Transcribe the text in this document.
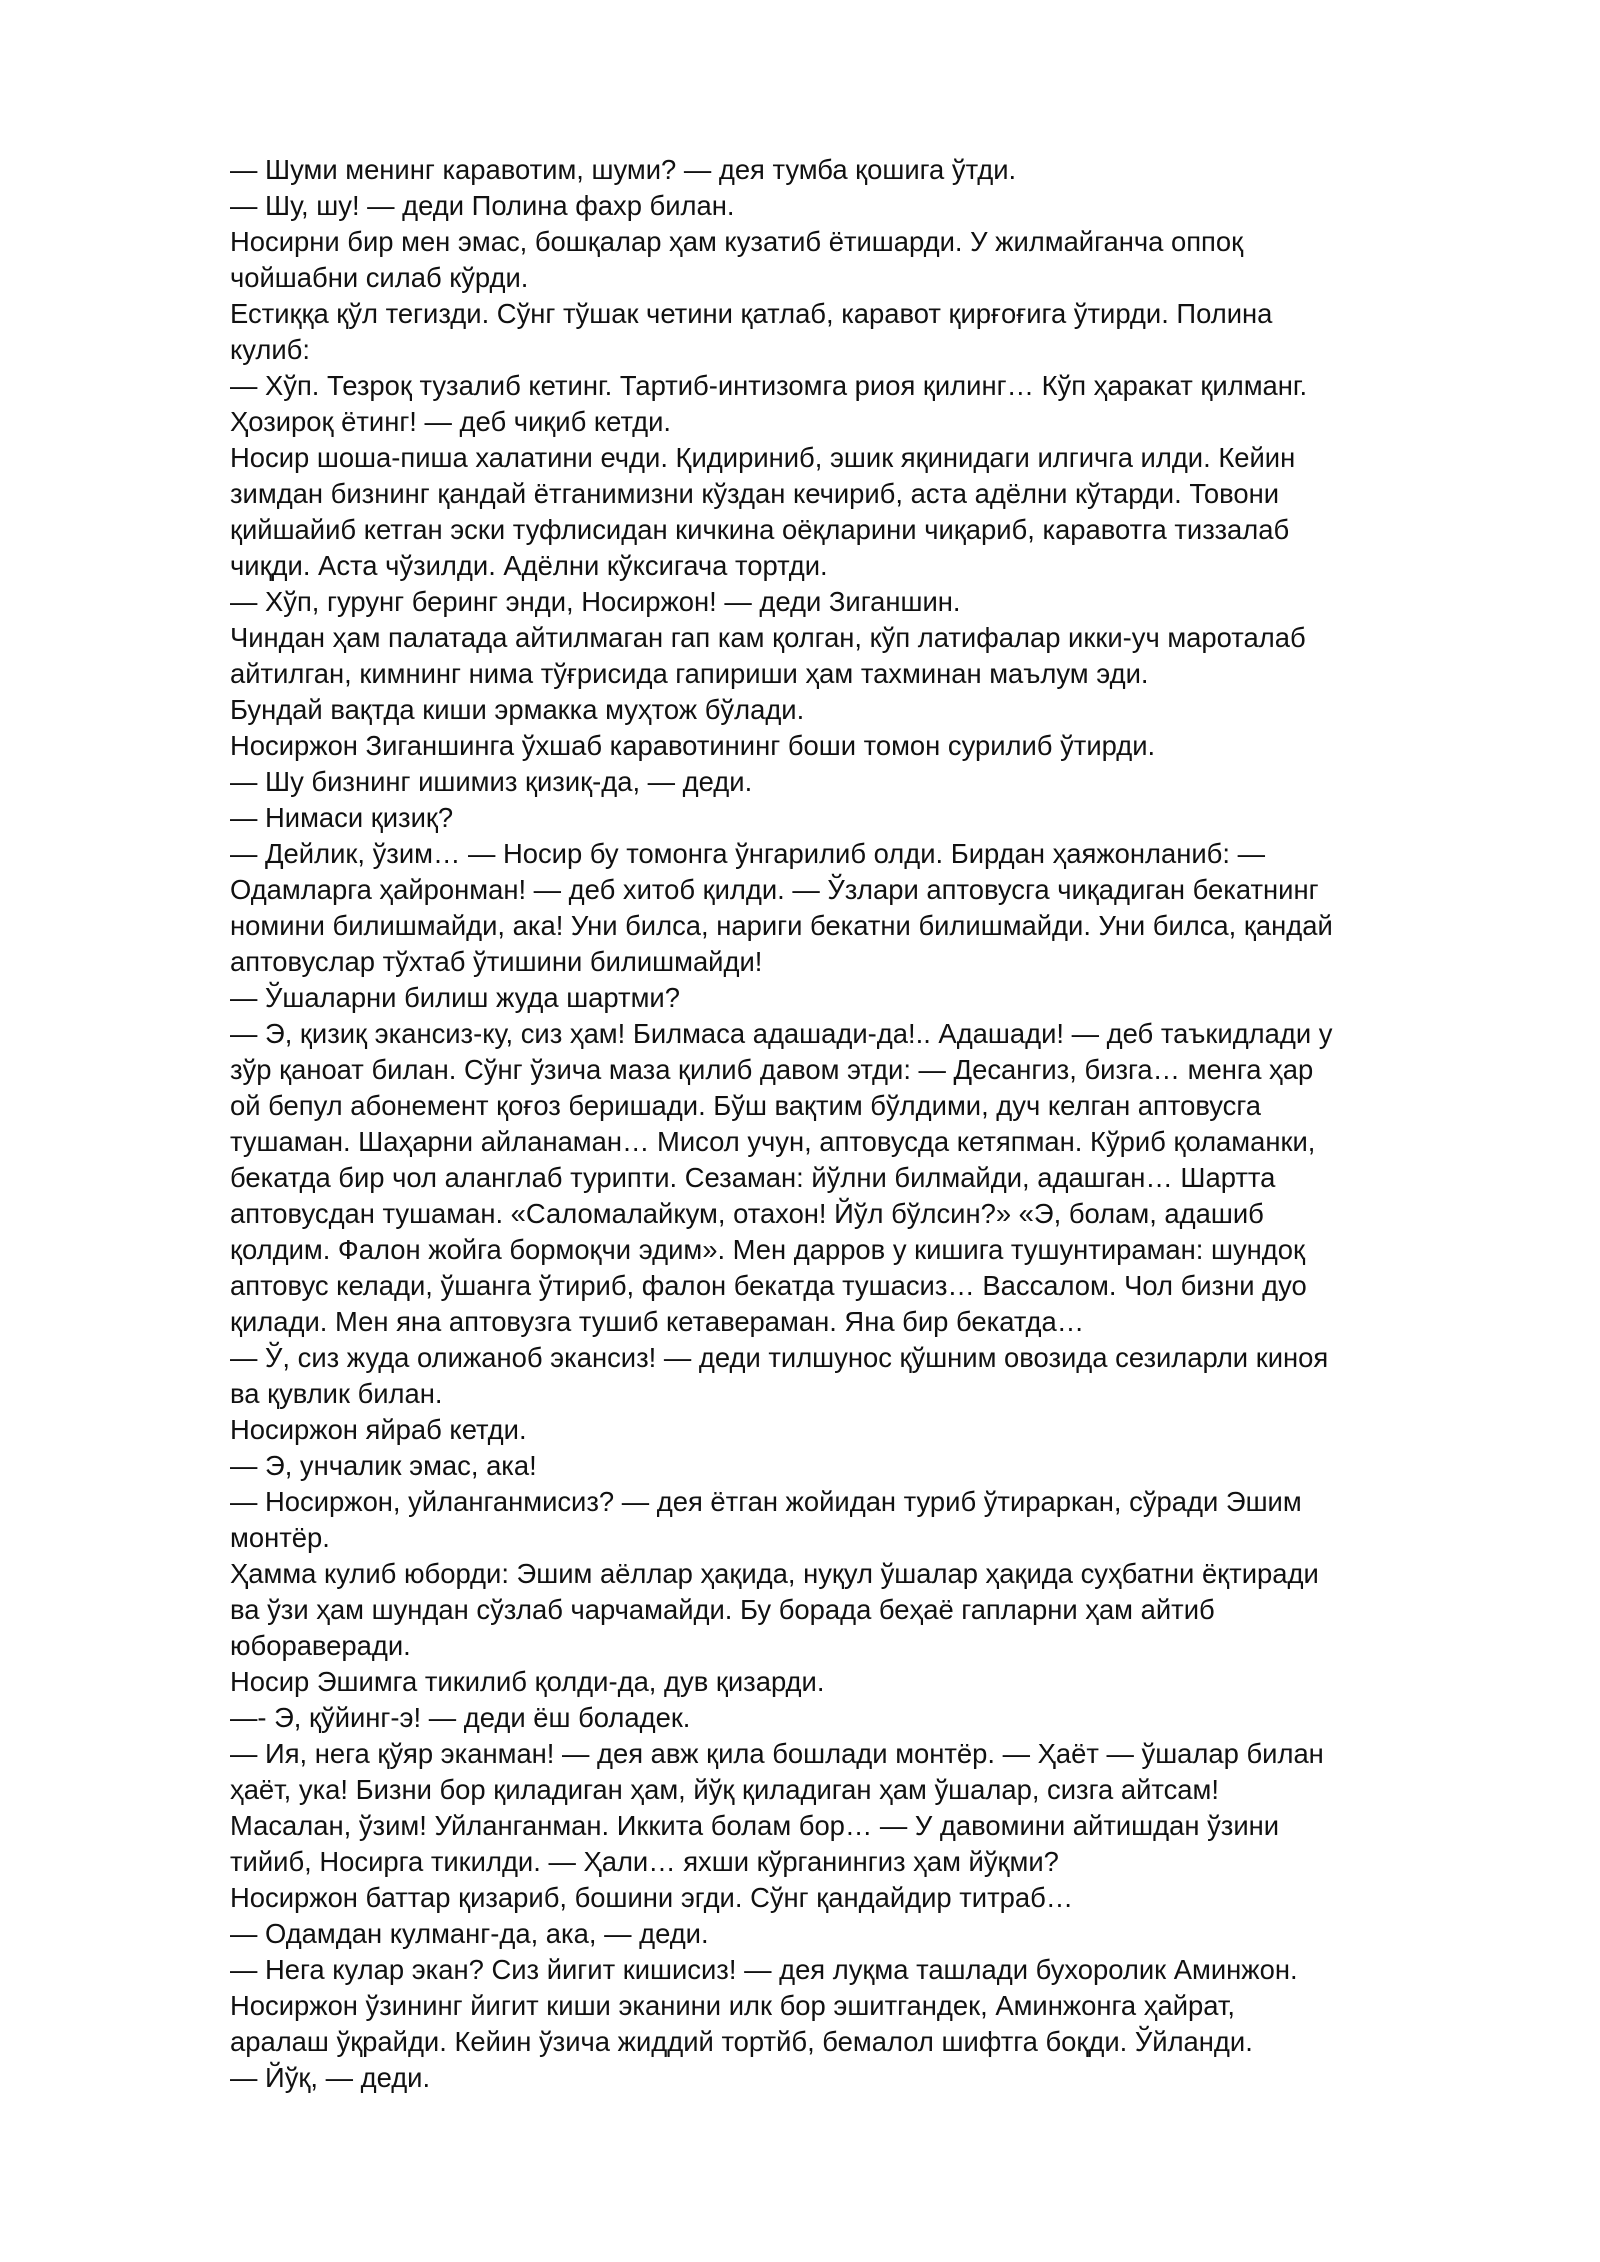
— Шуми менинг каравотим, шуми? — дея тумба қошига ўтди.
— Шу, шу! — деди Полина фахр билан.
Носирни бир мен эмас, бошқалар ҳам кузатиб ётишарди. У жилмайганча оппоқ
чойшабни силаб кўрди.
Естиққа қўл тегизди. Сўнг тўшак четини қатлаб, каравот қирғоғига ўтирди. Полина
кулиб:
— Хўп. Тезроқ тузалиб кетинг. Тартиб-интизомга риоя қилинг… Кўп ҳаракат қилманг.
Ҳозироқ ётинг! — деб чиқиб кетди.
Носир шоша-пиша халатини ечди. Қидириниб, эшик яқинидаги илгичга илди. Кейин
зимдан бизнинг қандай ётганимизни кўздан кечириб, аста адёлни кўтарди. Товони
қийшайиб кетган эски туфлисидан кичкина оёқларини чиқариб, каравотга тиззалаб
чиқди. Аста чўзилди. Адёлни кўксигача тортди.
— Хўп, гурунг беринг энди, Носиржон! — деди Зиганшин.
Чиндан ҳам палатада айтилмаган гап кам қолган, кўп латифалар икки-уч мароталаб
айтилган, кимнинг нима тўғрисида гапириши ҳам тахминан маълум эди.
Бундай вақтда киши эрмакка муҳтож бўлади.
Носиржон Зиганшинга ўхшаб каравотининг боши томон сурилиб ўтирди.
— Шу бизнинг ишимиз қизиқ-да, — деди.
— Нимаси қизиқ?
— Дейлик, ўзим… — Носир бу томонга ўнгарилиб олди. Бирдан ҳаяжонланиб: —
Одамларга ҳайронман! — деб хитоб қилди. — Ўзлари аптовусга чиқадиган бекатнинг
номини билишмайди, ака! Уни билса, нариги бекатни билишмайди. Уни билса, қандай
аптовуслар тўхтаб ўтишини билишмайди!
— Ўшаларни билиш жуда шартми?
— Э, қизиқ экансиз-ку, сиз ҳам! Билмаса адашади-да!.. Адашади! — деб таъкидлади у
зўр қаноат билан. Сўнг ўзича маза қилиб давом этди: — Десангиз, бизга… менга ҳар
ой бепул абонемент қоғоз беришади. Бўш вақтим бўлдими, дуч келган аптовусга
тушаман. Шаҳарни айланаман… Мисол учун, аптовусда кетяпман. Кўриб қоламанки,
бекатда бир чол аланглаб турипти. Сезаман: йўлни билмайди, адашган… Шартта
аптовусдан тушаман. «Саломалайкум, отахон! Йўл бўлсин?» «Э, болам, адашиб
қолдим. Фалон жойга бормоқчи эдим». Мен дарров у кишига тушунтираман: шундоқ
аптовус келади, ўшанга ўтириб, фалон бекатда тушасиз… Вассалом. Чол бизни дуо
қилади. Мен яна аптовузга тушиб кетавераман. Яна бир бекатда…
— Ў, сиз жуда олижаноб экансиз! — деди тилшунос қўшним овозида сезиларли киноя
ва қувлик билан.
Носиржон яйраб кетди.
— Э, унчалик эмас, ака!
— Носиржон, уйланганмисиз? — дея ётган жойидан туриб ўтираркан, сўради Эшим
монтёр.
Ҳамма кулиб юборди: Эшим аёллар ҳақида, нуқул ўшалар ҳақида суҳбатни ёқтиради
ва ўзи ҳам шундан сўзлаб чарчамайди. Бу борада беҳаё гапларни ҳам айтиб
юбораверади.
Носир Эшимга тикилиб қолди-да, дув қизарди.
—- Э, қўйинг-э! — деди ёш боладек.
— Ия, нега қўяр эканман! — дея авж қила бошлади монтёр. — Ҳаёт — ўшалар билан
ҳаёт, ука! Бизни бор қиладиган ҳам, йўқ қиладиган ҳам ўшалар, сизга айтсам!
Масалан, ўзим! Уйланганман. Иккита болам бор… — У давомини айтишдан ўзини
тийиб, Носирга тикилди. — Ҳали… яхши кўрганингиз ҳам йўқми?
Носиржон баттар қизариб, бошини эгди. Сўнг қандайдир титраб…
— Одамдан кулманг-да, ака, — деди.
— Нега кулар экан? Сиз йигит кишисиз! — дея луқма ташлади бухоролик Аминжон.
Носиржон ўзининг йигит киши эканини илк бор эшитгандек, Аминжонга ҳайрат,
аралаш ўқрайди. Кейин ўзича жиддий тортйб, бемалол шифтга боқди. Ўйланди.
— Йўқ, — деди.
